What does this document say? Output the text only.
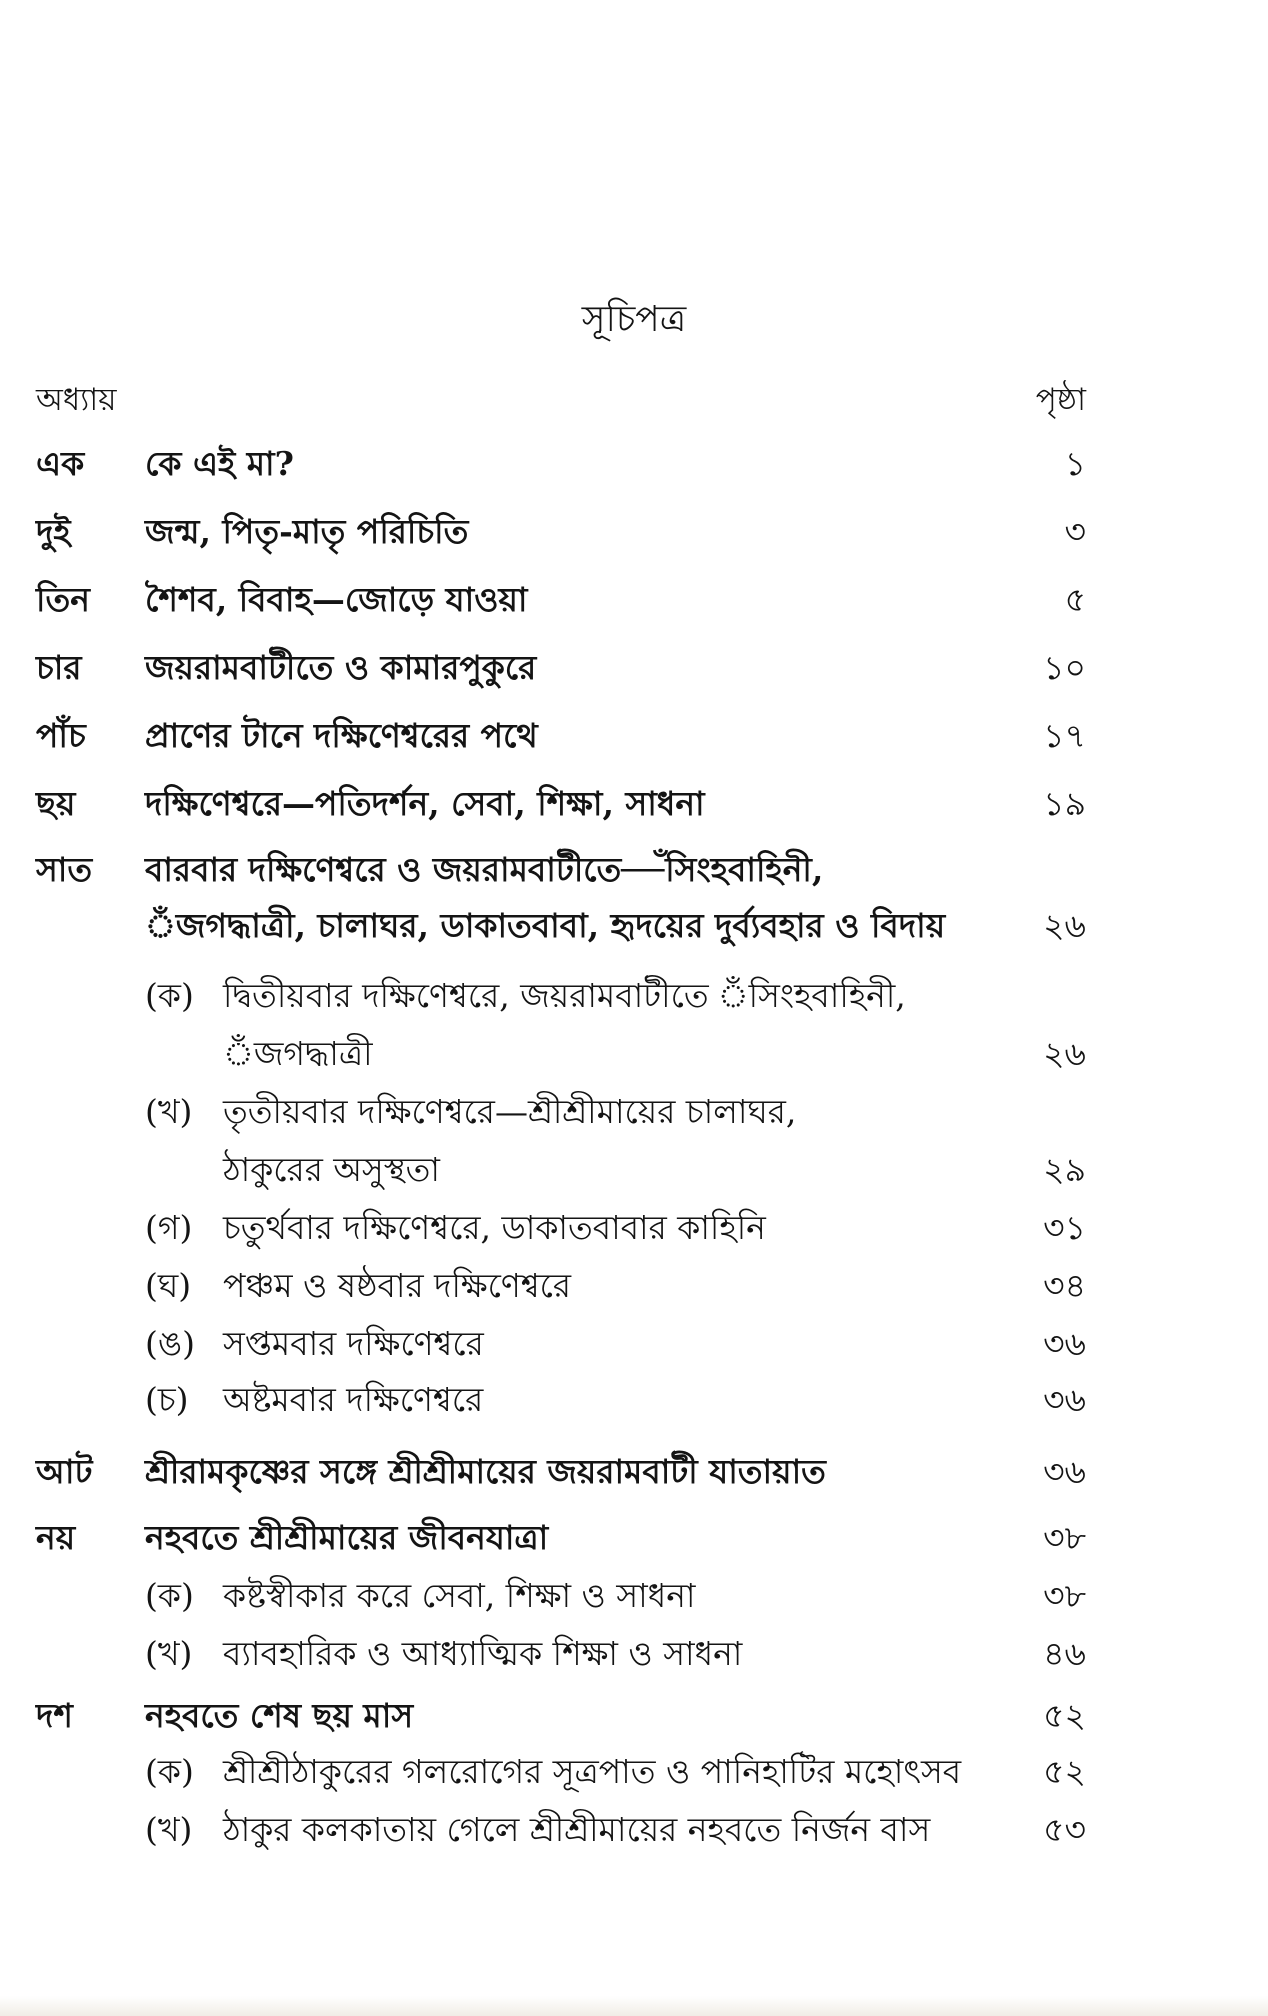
সূচিপত্র
অধ্যায়	পৃষ্ঠা
এক কে এই মা?	১
দুই জন্ম, পিতৃ-মাতৃ পরিচিতি	৩
তিন শৈশব, বিবাহ—জোড়ে যাওয়া	৫
চার জয়রামবাটীতে ও কামারপুকুরে	১০
পাঁচ প্রাণের টানে দক্ষিণেশ্বরের পথে	১৭
ছয় দক্ষিণেশ্বরে—পতিদর্শন, সেবা, শিক্ষা, সাধনা	১৯
সাত বারবার দক্ষিণেশ্বরে ও জয়রামবাটীতে—ঁসিংহবাহিনী,
ঁজগদ্ধাত্রী, চালাঘর, ডাকাতবাবা, হৃদয়ের দুর্ব্যবহার ও বিদায়	২৬
(ক) দ্বিতীয়বার দক্ষিণেশ্বরে, জয়রামবাটীতে ঁসিংহবাহিনী,
ঁজগদ্ধাত্রী	২৬
(খ) তৃতীয়বার দক্ষিণেশ্বরে—শ্রীশ্রীমায়ের চালাঘর,
ঠাকুরের অসুস্থতা	২৯
(গ) চতুর্থবার দক্ষিণেশ্বরে, ডাকাতবাবার কাহিনি	৩১
(ঘ) পঞ্চম ও ষষ্ঠবার দক্ষিণেশ্বরে	৩৪
(ঙ) সপ্তমবার দক্ষিণেশ্বরে	৩৬
(চ) অষ্টমবার দক্ষিণেশ্বরে	৩৬
আট শ্রীরামকৃষ্ণের সঙ্গে শ্রীশ্রীমায়ের জয়রামবাটী যাতায়াত	৩৬
নয় নহবতে শ্রীশ্রীমায়ের জীবনযাত্রা	৩৮
(ক) কষ্টস্বীকার করে সেবা, শিক্ষা ও সাধনা	৩৮
(খ) ব্যাবহারিক ও আধ্যাত্মিক শিক্ষা ও সাধনা	৪৬
দশ নহবতে শেষ ছয় মাস	৫২
(ক) শ্রীশ্রীঠাকুরের গলরোগের সূত্রপাত ও পানিহাটির মহোৎসব ৫২
(খ) ঠাকুর কলকাতায় গেলে শ্রীশ্রীমায়ের নহবতে নির্জন বাস	৫৩
